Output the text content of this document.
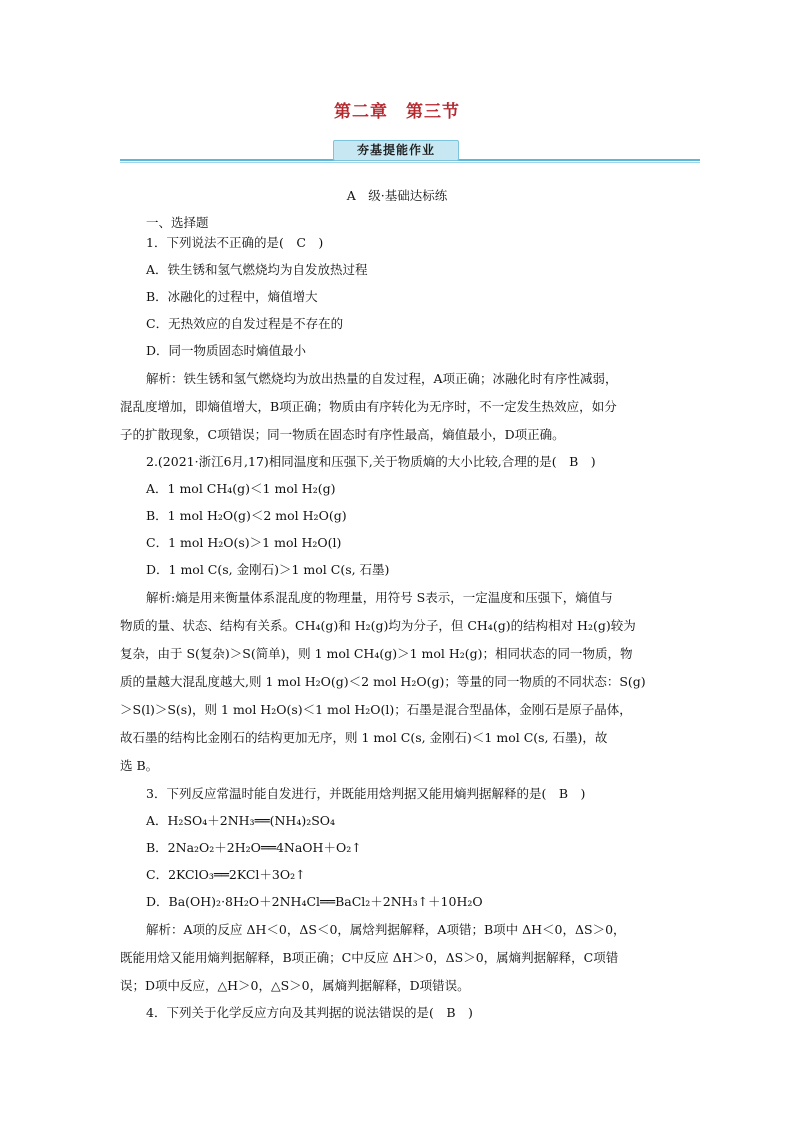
第二章　第三节
夯基提能作业
A　级·基础达标练
一、选择题
1．下列说法不正确的是(　C　)
A．铁生锈和氢气燃烧均为自发放热过程
B．冰融化的过程中，熵值增大
C．无热效应的自发过程是不存在的
D．同一物质固态时熵值最小
解析：铁生锈和氢气燃烧均为放出热量的自发过程，A项正确；冰融化时有序性减弱，
混乱度增加，即熵值增大，B项正确；物质由有序转化为无序时，不一定发生热效应，如分
子的扩散现象，C项错误；同一物质在固态时有序性最高，熵值最小，D项正确。
2.(2021·浙江6月,17)相同温度和压强下,关于物质熵的大小比较,合理的是(　B　)
A．1 mol CH₄(g)＜1 mol H₂(g)
B．1 mol H₂O(g)＜2 mol H₂O(g)
C．1 mol H₂O(s)＞1 mol H₂O(l)
D．1 mol C(s, 金刚石)＞1 mol C(s, 石墨)
解析:熵是用来衡量体系混乱度的物理量，用符号 S表示，一定温度和压强下，熵值与
物质的量、状态、结构有关系。CH₄(g)和 H₂(g)均为分子，但 CH₄(g)的结构相对 H₂(g)较为
复杂，由于 S(复杂)＞S(简单)，则 1 mol CH₄(g)＞1 mol H₂(g)；相同状态的同一物质，物
质的量越大混乱度越大,则 1 mol H₂O(g)＜2 mol H₂O(g)；等量的同一物质的不同状态：S(g)
＞S(l)＞S(s)，则 1 mol H₂O(s)＜1 mol H₂O(l)；石墨是混合型晶体，金刚石是原子晶体，
故石墨的结构比金刚石的结构更加无序，则 1 mol C(s, 金刚石)＜1 mol C(s, 石墨)，故
选 B。
3．下列反应常温时能自发进行，并既能用焓判据又能用熵判据解释的是(　B　)
A．H₂SO₄＋2NH₃══(NH₄)₂SO₄
B．2Na₂O₂＋2H₂O══4NaOH＋O₂↑
C．2KClO₃══2KCl＋3O₂↑
D．Ba(OH)₂·8H₂O＋2NH₄Cl══BaCl₂＋2NH₃↑＋10H₂O
解析：A项的反应 ΔH＜0，ΔS＜0，属焓判据解释，A项错；B项中 ΔH＜0，ΔS＞0，
既能用焓又能用熵判据解释，B项正确；C中反应 ΔH＞0，ΔS＞0，属熵判据解释，C项错
误；D项中反应，△H＞0，△S＞0，属熵判据解释，D项错误。
4．下列关于化学反应方向及其判据的说法错误的是(　B　)
